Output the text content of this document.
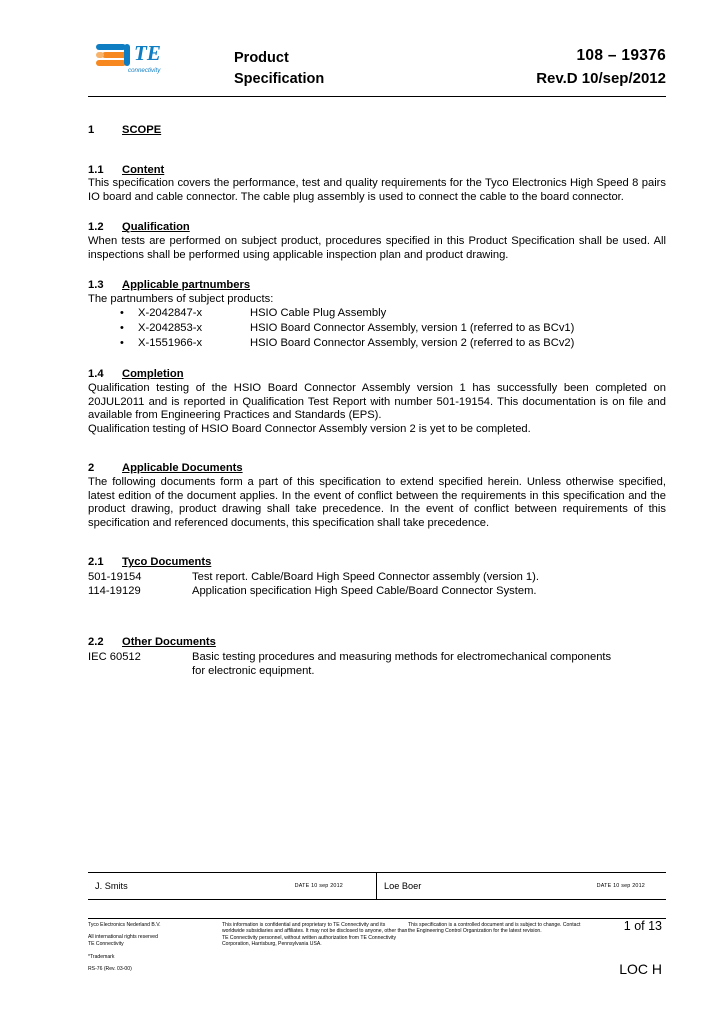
TE
connectivity
Product
Specification
108 – 19376
Rev.D 10/sep/2012
1	SCOPE
1.1	Content

This specification covers the performance, test and quality requirements for the Tyco Electronics High Speed 8 pairs IO board and cable connector. The cable plug assembly is used to connect the cable to the board connector.

1.2	Qualification

When tests are performed on subject product, procedures specified in this Product Specification shall be used. All inspections shall be performed using applicable inspection plan and product drawing.

1.3	Applicable partnumbers

The partnumbers of subject products:

•	X-2042847-x	HSIO Cable Plug Assembly
•	X-2042853-x	HSIO Board Connector Assembly, version 1 (referred to as BCv1)
•	X-1551966-x	HSIO Board Connector Assembly, version 2 (referred to as BCv2)
1.4	Completion

Qualification testing of the HSIO Board Connector Assembly version 1 has successfully been completed on 20JUL2011 and is reported in Qualification Test Report with number 501-19154. This documentation is on file and available from Engineering Practices and Standards (EPS).

Qualification testing of HSIO Board Connector Assembly version 2 is yet to be completed.

2	Applicable Documents

The following documents form a part of this specification to extend specified herein. Unless otherwise specified, latest edition of the document applies. In the event of conflict between the requirements in this specification and the product drawing, product drawing shall take precedence. In the event of conflict between requirements of this specification and referenced documents, this specification shall take precedence.

2.1	Tyco Documents
501-19154	Test report. Cable/Board High Speed Connector assembly (version 1).
114-19129	Application specification High Speed Cable/Board Connector System.
2.2	Other Documents
IEC 60512	Basic testing procedures and measuring methods for electromechanical components
for electronic equipment.
J. Smits	DATE 10 sep 2012	Loe Boer	DATE 10 sep 2012
Tyco Electronics Nederland B.V.
All international rights reserved
TE Connectivity
*Trademark
RS-76 (Rev. 03-00)
This information is confidential and proprietary to TE Connectivity and its worldwide subsidiaries and affiliates. It may not be disclosed to anyone, other than TE Connectivity personnel, without written authorization from TE Connectivity Corporation, Harrisburg, Pennsylvania USA.
This specification is a controlled document and is subject to change. Contact the Engineering Control Organization for the latest revision.	1 of 13
LOC H
